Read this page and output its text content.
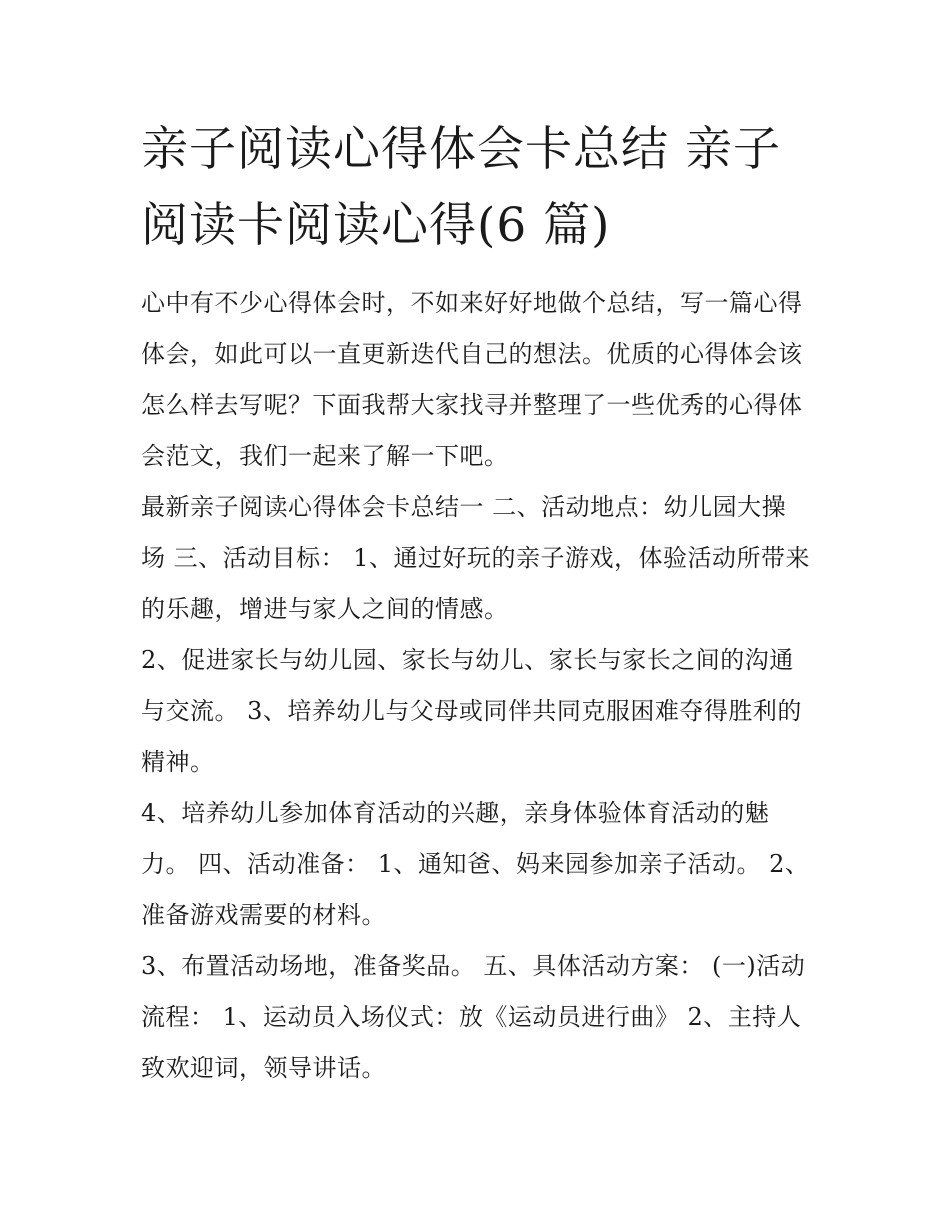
亲子阅读心得体会卡总结 亲子
阅读卡阅读心得(6 篇)

心中有不少心得体会时，不如来好好地做个总结，写一篇心得
体会，如此可以一直更新迭代自己的想法。优质的心得体会该
怎么样去写呢？下面我帮大家找寻并整理了一些优秀的心得体
会范文，我们一起来了解一下吧。

最新亲子阅读心得体会卡总结一 二、活动地点：幼儿园大操
场 三、活动目标： 1、通过好玩的亲子游戏，体验活动所带来
的乐趣，增进与家人之间的情感。

2、促进家长与幼儿园、家长与幼儿、家长与家长之间的沟通
与交流。 3、培养幼儿与父母或同伴共同克服困难夺得胜利的
精神。

4、培养幼儿参加体育活动的兴趣，亲身体验体育活动的魅
力。 四、活动准备： 1、通知爸、妈来园参加亲子活动。 2、
准备游戏需要的材料。

3、布置活动场地，准备奖品。 五、具体活动方案： (一)活动
流程： 1、运动员入场仪式：放《运动员进行曲》 2、主持人
致欢迎词，领导讲话。
